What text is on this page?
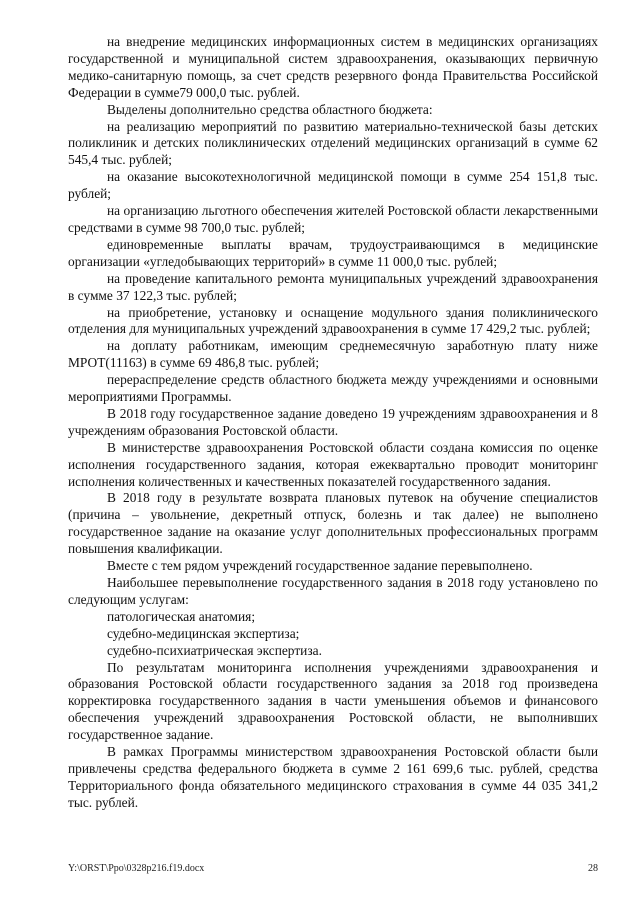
на внедрение медицинских информационных систем в медицинских организациях государственной и муниципальной систем здравоохранения, оказывающих первичную медико-санитарную помощь, за счет средств резервного фонда Правительства Российской Федерации в сумме79 000,0 тыс. рублей.

Выделены дополнительно средства областного бюджета:

на реализацию мероприятий по развитию материально-технической базы детских поликлиник и детских поликлинических отделений медицинских организаций в сумме 62 545,4 тыс. рублей;

на оказание высокотехнологичной медицинской помощи в сумме 254 151,8 тыс. рублей;

на организацию льготного обеспечения жителей Ростовской области лекарственными средствами в сумме 98 700,0 тыс. рублей;

единовременные выплаты врачам, трудоустраивающимся в медицинские организации «угледобывающих территорий» в сумме 11 000,0 тыс. рублей;

на проведение капитального ремонта муниципальных учреждений здравоохранения в сумме 37 122,3 тыс. рублей;

на приобретение, установку и оснащение модульного здания поликлинического отделения для муниципальных учреждений здравоохранения в сумме 17 429,2 тыс. рублей;

на доплату работникам, имеющим среднемесячную заработную плату ниже МРОТ(11163) в сумме 69 486,8 тыс. рублей;

перераспределение средств областного бюджета между учреждениями и основными мероприятиями Программы.

В 2018 году государственное задание доведено 19 учреждениям здравоохранения и 8 учреждениям образования Ростовской области.

В министерстве здравоохранения Ростовской области создана комиссия по оценке исполнения государственного задания, которая ежеквартально проводит мониторинг исполнения количественных и качественных показателей государственного задания.

В 2018 году в результате возврата плановых путевок на обучение специалистов (причина – увольнение, декретный отпуск, болезнь и так далее) не выполнено государственное задание на оказание услуг дополнительных профессиональных программ повышения квалификации.

Вместе с тем рядом учреждений государственное задание перевыполнено.

Наибольшее перевыполнение государственного задания в 2018 году установлено по следующим услугам:

патологическая анатомия;

судебно-медицинская экспертиза;

судебно-психиатрическая экспертиза.

По результатам мониторинга исполнения учреждениями здравоохранения и образования Ростовской области государственного задания за 2018 год произведена корректировка государственного задания в части уменьшения объемов и финансового обеспечения учреждений здравоохранения Ростовской области, не выполнивших государственное задание.

В рамках Программы министерством здравоохранения Ростовской области были привлечены средства федерального бюджета в сумме 2 161 699,6 тыс. рублей, средства Территориального фонда обязательного медицинского страхования в сумме 44 035 341,2 тыс. рублей.

Y:\ORST\Ppo\0328p216.f19.docx	28
